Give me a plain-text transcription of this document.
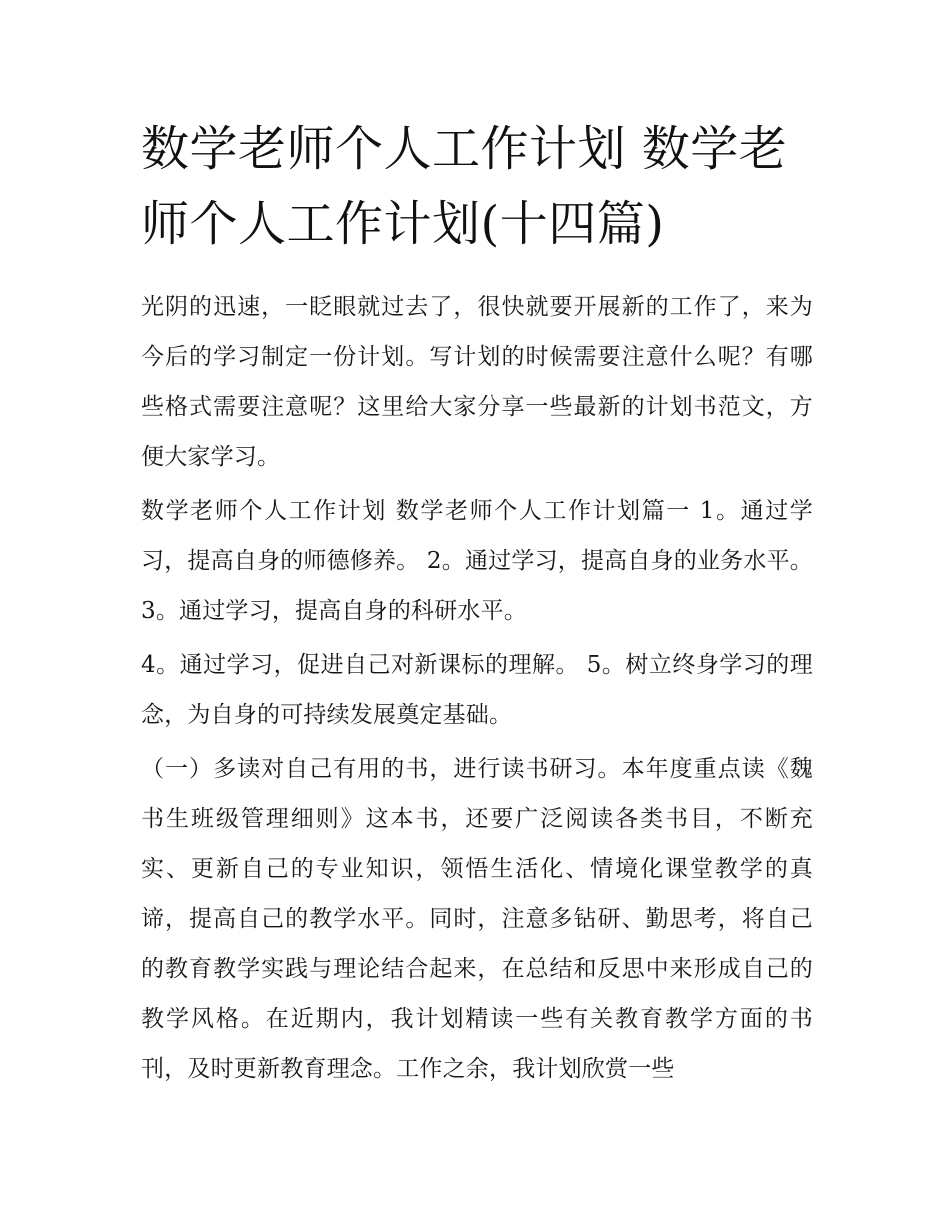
数学老师个人工作计划 数学老师个人工作计划(十四篇)

光阴的迅速，一眨眼就过去了，很快就要开展新的工作了，来为今后的学习制定一份计划。写计划的时候需要注意什么呢？有哪些格式需要注意呢？这里给大家分享一些最新的计划书范文，方便大家学习。

数学老师个人工作计划 数学老师个人工作计划篇一 1。通过学习，提高自身的师德修养。 2。通过学习，提高自身的业务水平。 3。通过学习，提高自身的科研水平。

4。通过学习，促进自己对新课标的理解。 5。树立终身学习的理念，为自身的可持续发展奠定基础。

（一）多读对自己有用的书，进行读书研习。本年度重点读《魏书生班级管理细则》这本书，还要广泛阅读各类书目，不断充实、更新自己的专业知识，领悟生活化、情境化课堂教学的真谛，提高自己的教学水平。同时，注意多钻研、勤思考，将自己的教育教学实践与理论结合起来，在总结和反思中来形成自己的教学风格。在近期内，我计划精读一些有关教育教学方面的书刊，及时更新教育理念。工作之余，我计划欣赏一些
